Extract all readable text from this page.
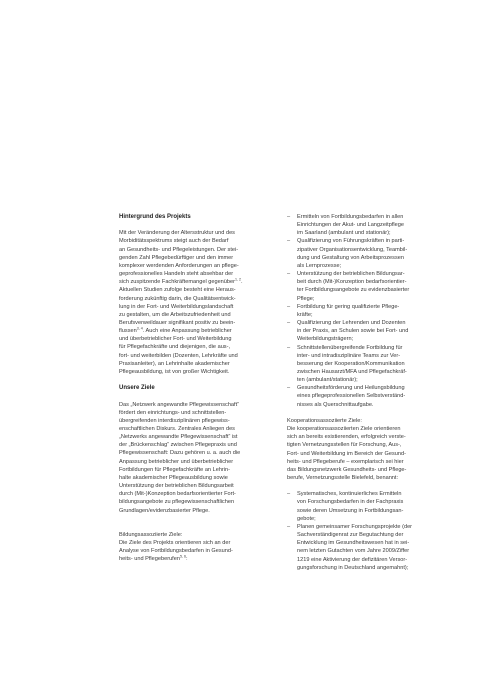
Hintergrund des Projekts

Mit der Veränderung der Altersstruktur und des
Morbiditätsspektrums steigt auch der Bedarf
an Gesundheits- und Pflegeleistungen. Der stei-
genden Zahl Pflegebedürftiger und den immer
komplexer werdenden Anforderungen an pflege-
geprofessionelles Handeln steht absehbar der
sich zuspitzende Fachkräftemangel gegenüber$^{1, 2}$.
Aktuellen Studien zufolge besteht eine Heraus-
forderung zukünftig darin, die Qualitätsentwick-
lung in der Fort- und Weiterbildungslandschaft
zu gestalten, um die Arbeitszufriedenheit und
Berufsverweildauer signifikant positiv zu beein-
flussen$^{3, 4}$. Auch eine Anpassung betrieblicher
und überbetrieblicher Fort- und Weiterbildung
für Pflegefachkräfte und diejenigen, die aus-,
fort- und weiterbilden (Dozenten, Lehrkräfte und
Praxisanleiter), an Lehrinhalte akademischer
Pflegeausbildung, ist von großer Wichtigkeit.

Unsere Ziele

Das „Netzwerk angewandte Pflegewissenschaft“
fördert den einrichtungs- und schnittstellen-
übergreifenden interdisziplinären pflegewiss-
enschaftlichen Diskurs. Zentrales Anliegen des
„Netzwerks angewandte Pflegewissenschaft“ ist
der „Brückenschlag“ zwischen Pflegepraxis und
Pflegewissenschaft: Dazu gehören u. a. auch die
Anpassung betrieblicher und überbetrieblicher
Fortbildungen für Pflegefachkräfte an Lehrin-
halte akademischer Pflegeausbildung sowie
Unterstützung der betrieblichen Bildungsarbeit
durch (Mit-)Konzeption bedarfsorientierter Fort-
bildungsangebote zu pflegewissenschaftlichen
Grundlagen/evidenzbasierter Pflege.

Bildungsassoziierte Ziele:
Die Ziele des Projekts orientieren sich an der
Analyse von Fortbildungsbedarfen in Gesund-
heits- und Pflegeberufen$^{5, 6}$:

– Ermitteln von Fortbildungsbedarfen in allen
Einrichtungen der Akut- und Langzeitpflege
im Saarland (ambulant und stationär);
– Qualifizierung von Führungskräften in parti-
zipativer Organisationsentwicklung, Teambil-
dung und Gestaltung von Arbeitsprozessen
als Lernprozesse;
– Unterstützung der betrieblichen Bildungsar-
beit durch (Mit-)Konzeption bedarfsorientier-
ter Fortbildungsangebote zu evidenzbasierter
Pflege;
– Fortbildung für gering qualifizierte Pflege-
kräfte;
– Qualifizierung der Lehrenden und Dozenten
in der Praxis, an Schulen sowie bei Fort- und
Weiterbildungsträgern;
– Schnittstellenübergreifende Fortbildung für
inter- und intradisziplinäre Teams zur Ver-
besserung der Kooperation/Kommunikation
zwischen Hausarzt/MFA und Pflegefachkräf-
ten (ambulant/stationär);
– Gesundheitsförderung und Heilungsbildung
eines pflegeprofessionellen Selbstverständ-
nisses als Querschnittaufgabe.

Kooperationsassoziierte Ziele:
Die kooperationsassoziierten Ziele orientieren
sich an bereits existierenden, erfolgreich verste-
tigten Vernetzungsstellen für Forschung, Aus-,
Fort- und Weiterbildung im Bereich der Gesund-
heits- und Pflegeberufe – exemplarisch sei hier
das Bildungsnetzwerk Gesundheits- und Pflege-
berufe, Vernetzungsstelle Bielefeld, benannt:

– Systematisches, kontinuierliches Ermitteln
von Forschungsbedarfen in der Fachpraxis
sowie deren Umsetzung in Fortbildungsan-
gebote;
– Planen gemeinsamer Forschungsprojekte (der
Sachverständigenrat zur Begutachtung der
Entwicklung im Gesundheitswesen hat in sei-
nem letzten Gutachten vom Jahre 2009/Ziffer
1219 eine Aktivierung der defizitären Versor-
gungsforschung in Deutschland angemahnt);
